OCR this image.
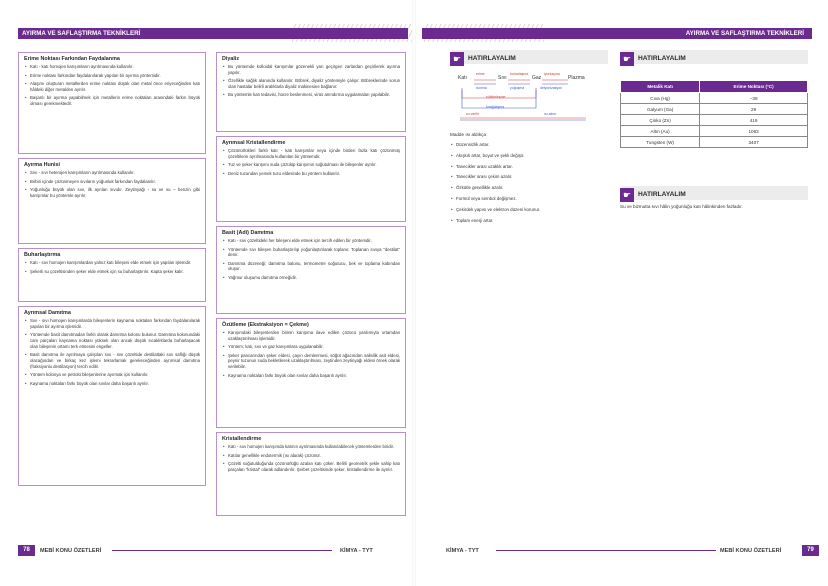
AYIRMA VE SAFLAŞTIRMA TEKNİKLERİ
Erime Noktası Farkından Faydalanma
• Katı - katı homojen karışımların ayrılmasında kullanılır.
• Erime noktası farkından faydalanılarak yapılan bir ayırma yöntemidir.
• Alaşımı oluşturan metallerden erime noktası düşük olan metal önce eriyeceğinden katı hâldeki diğer metalden ayrılır.
• Başarılı bir ayırma yapabilmek için metallerin erime noktaları arasındaki farkın büyük olması gerekmektedir.
Ayırma Hunisi
• Sıvı - sıvı heterojen karışımların ayrılmasında kullanılır.
• Birbiri içinde çözünmeyen sıvıların yoğunluk farkından faydalanılır.
• Yoğunluğu büyük olan sıvı, ilk ayrılan sıvıdır. Zeytinyağı - su ve su – benzin gibi karışımlar bu yöntemle ayrılır.
Buharlaştırma
• Katı - sıvı homojen karışımlardan yalnız katı bileşeni elde etmek için yapılan işlemdir.
• Şekerli su çözeltisinden şeker elde etmek için su buharlaştırılır. Kapta şeker kalır.
Ayrımsal Damıtma
• Sıvı - sıvı homojen karışımlarda bileşenlerin kaynama noktaları farkından faydalanılarak yapılan bir ayırma işlemidir.
• Yöntemde basit damıtmadan farklı olarak damıtma kolonu bulunur. Damıtma kolonundaki cam parçaları kaynama noktası yüksek olan ancak düşük sıcaklıklarda buharlaşacak olan bileşenin ortamı terk etmesini engeller.
• Basit damıtma ile ayrılmaya çalışılan sıvı - sıvı çözeltide destilattaki sıvı saflığı düşük olacağından ve birkaç kez işlemi tekrarlamak gerekeceğinden ayrımsal damıtma (fraksiyonlu destilasyon) tercih edilir.
• Yöntem kolonya ve petrolü bileşenlerine ayırmak için kullanılır.
• Kaynama noktaları farkı büyük olan sıvılar daha başarılı ayrılır.
Diyaliz
• Bu yöntemde kolloidal karışımlar gözenekli yarı geçirgen zarlardan geçirilerek ayırma yapılır.
• Özellikle sağlık alanında kullanılır. Böbrek, diyaliz yöntemiyle çalışır. Böbreklerinde sorun olan hastalar belirli aralıklarla diyaliz makinesine bağlanır.
• Bu yöntemle kan tedavisi, hücre beslenmesi, virüs anındırma uygulamaları yapılabilir.
Ayrımsal Kristallendirme
• Çözünürlükleri farklı katı - katı karışımlar veya içinde birden fazla katı çözünmüş çözeltilerin ayrılmasında kullanılan bir yöntemdir.
• Tuz ve şeker karışımı suda çözülüp karışımın soğutulması ile bileşenler ayrılır.
• Deniz tuzundan yemek tuzu eldesinde bu yöntem kullanılır.
Basit (Adi) Damıtma
• Katı - sıvı çözeltideki her bileşeni elde etmek için tercih edilen bir yöntemdir.
• Yöntemde sıvı bileşen buharlaştırılıp yoğunlaştırılarak toplanır. Toplanan sıvıya "destilat" denir.
• Damıtma düzeneği; damıtma balonu, termometre soğutucu, bek ve toplama kabından oluşur.
• Yağmur oluşumu damıtma örneğidir.
Özütleme (Ekstraksiyon = Çekme)
• Karışımdaki bileşenlerden birinin karışıma ilave edilen çözücü yardımıyla ortamdan uzaklaştırılması işlemidir.
• Yöntem; katı, sıvı ve gaz karışımlara uygulanabilir.
• Şeker pancarından şeker eldesi, çayın demlenmesi, söğüt ağacından salisilik asit eldesi, peynir tuzunun suda bekletilerek uzaklaştırılması, zeytinden zeytinyağı eldesi örnek olarak verilebilir.
• Kaynama noktaları farkı büyük olan sıvılar daha başarılı ayrılır.
Kristallendirme
• Katı - sıvı homojen karışımda katının ayrılmasında kullanılabilecek yöntemlerden biridir.
• Katılar genellikle endotermik (ısı alarak) çözünür.
• Çözelti soğutulduğunda çözünürlüğü azalan katı çöker. Belirli geometrik şekle sahip katı parçaları "kristal" olarak adlandırılır. Şerbet çözeltisinde şeker, kristallendirme ile ayrılır.
78	MEBİ KONU ÖZETLERİ	KİMYA - TYT
AYIRMA VE SAFLAŞTIRMA TEKNİKLERİ
☛ HATIRLAYALIM
Katı	Sıvı	Gaz	Plazma
erime	buharlaşma	iyonlaşma
donma	yoğuşma	deiyonizasyon
süblimleşme
kırağılaşma
ısı verilir	ısı alınır
Madde ısı aldıkça
• Düzensizlik artar.
• Akışkık artar, boyut ve şekli değişir.
• Tanecikler arası uzaklık artar.
• Tanecikler arası çekim azalır.
• Özkütle genellikle azalır.
• Formül veya sembol değişmez.
• Çekirdek yapısı ve elektron düzeni korunur.
• Toplam enerji artar.
☛ HATIRLAYALIM
Metalik Katı	Erime Noktası (°C)
Cıva (Hg)	−39
Galyum (Ga)	29
Çinko (Zn)	419
Altın (Au)	1063
Tungsten (W)	3407
☛ HATIRLAYALIM
Su ve bizmutta sıvı hâlin yoğunluğu katı hâlinkinden fazladır.
KİMYA - TYT	MEBİ KONU ÖZETLERİ	79
